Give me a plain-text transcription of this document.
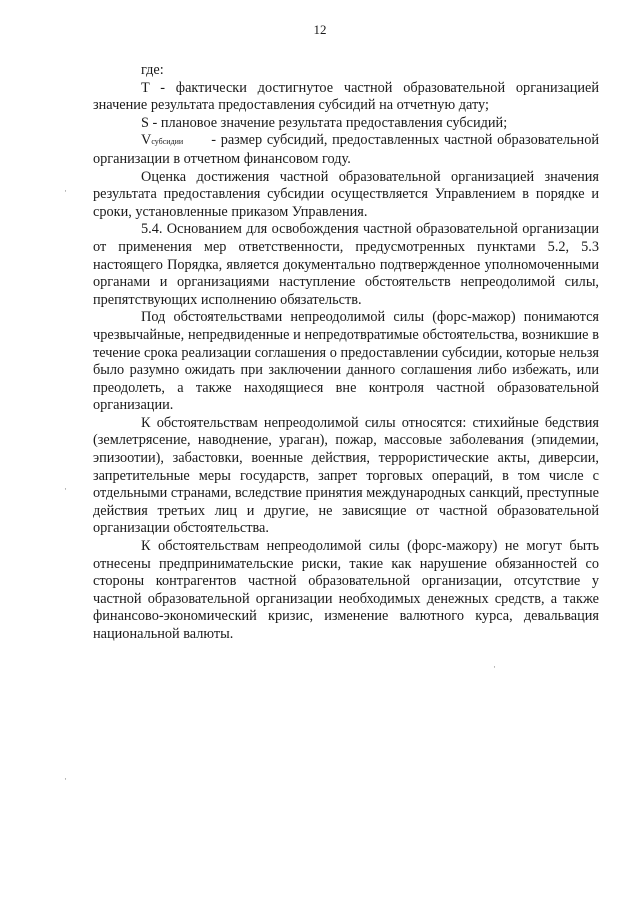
12

где:

T - фактически достигнутое частной образовательной организацией значение результата предоставления субсидий на отчетную дату;

S - плановое значение результата предоставления субсидий;

Vсубсидии - размер субсидий, предоставленных частной образовательной организации в отчетном финансовом году.

Оценка достижения частной образовательной организацией значения результата предоставления субсидии осуществляется Управлением в порядке и сроки, установленные приказом Управления.

5.4. Основанием для освобождения частной образовательной организации от применения мер ответственности, предусмотренных пунктами 5.2, 5.3 настоящего Порядка, является документально подтвержденное уполномоченными органами и организациями наступление обстоятельств непреодолимой силы, препятствующих исполнению обязательств.

Под обстоятельствами непреодолимой силы (форс-мажор) понимаются чрезвычайные, непредвиденные и непредотвратимые обстоятельства, возникшие в течение срока реализации соглашения о предоставлении субсидии, которые нельзя было разумно ожидать при заключении данного соглашения либо избежать, или преодолеть, а также находящиеся вне контроля частной образовательной организации.

К обстоятельствам непреодолимой силы относятся: стихийные бедствия (землетрясение, наводнение, ураган), пожар, массовые заболевания (эпидемии, эпизоотии), забастовки, военные действия, террористические акты, диверсии, запретительные меры государств, запрет торговых операций, в том числе с отдельными странами, вследствие принятия международных санкций, преступные действия третьих лиц и другие, не зависящие от частной образовательной организации обстоятельства.

К обстоятельствам непреодолимой силы (форс-мажору) не могут быть отнесены предпринимательские риски, такие как нарушение обязанностей со стороны контрагентов частной образовательной организации, отсутствие у частной образовательной организации необходимых денежных средств, а также финансово-экономический кризис, изменение валютного курса, девальвация национальной валюты.

·
·
·
·
